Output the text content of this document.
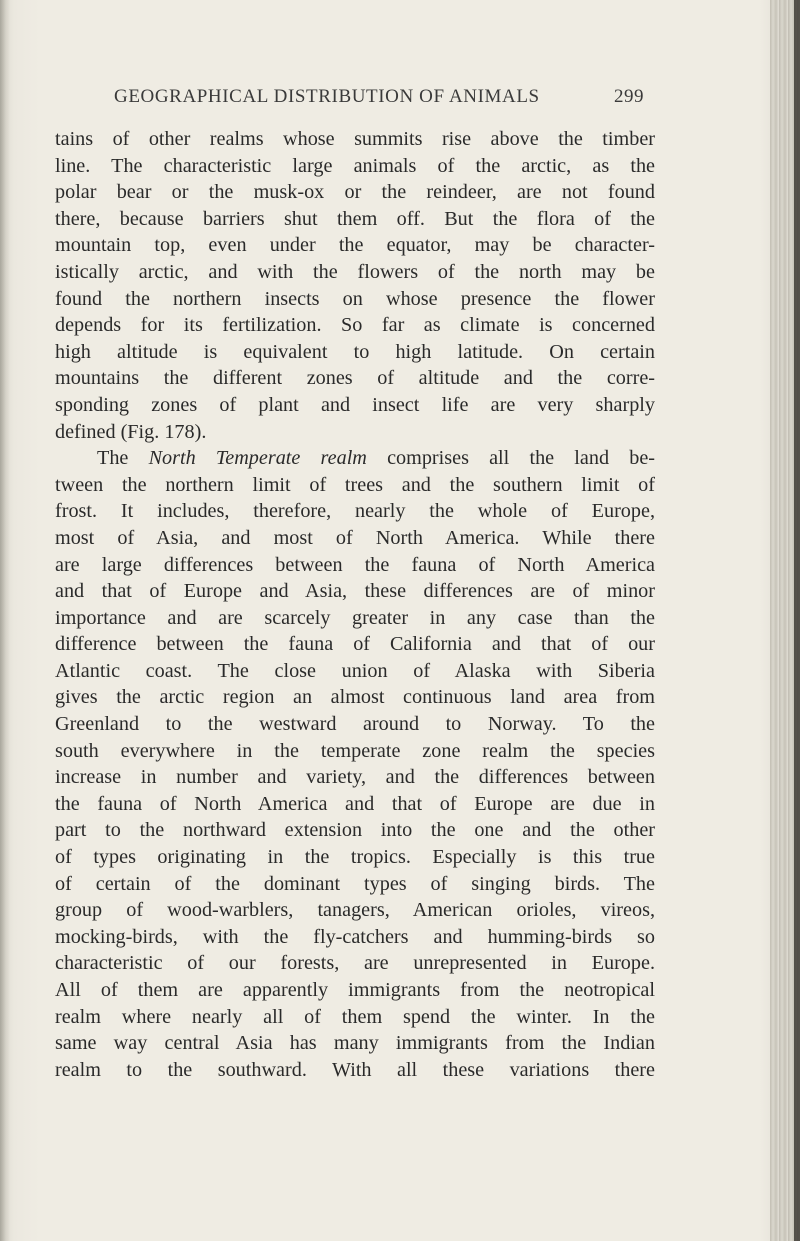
GEOGRAPHICAL DISTRIBUTION OF ANIMALS	299
tains of other realms whose summits rise above the timber
line. The characteristic large animals of the arctic, as the
polar bear or the musk-ox or the reindeer, are not found
there, because barriers shut them off. But the flora of the
mountain top, even under the equator, may be character-
istically arctic, and with the flowers of the north may be
found the northern insects on whose presence the flower
depends for its fertilization. So far as climate is concerned
high altitude is equivalent to high latitude. On certain
mountains the different zones of altitude and the corre-
sponding zones of plant and insect life are very sharply
defined (Fig. 178).
The North Temperate realm comprises all the land be-
tween the northern limit of trees and the southern limit of
frost. It includes, therefore, nearly the whole of Europe,
most of Asia, and most of North America. While there
are large differences between the fauna of North America
and that of Europe and Asia, these differences are of minor
importance and are scarcely greater in any case than the
difference between the fauna of California and that of our
Atlantic coast. The close union of Alaska with Siberia
gives the arctic region an almost continuous land area from
Greenland to the westward around to Norway. To the
south everywhere in the temperate zone realm the species
increase in number and variety, and the differences between
the fauna of North America and that of Europe are due in
part to the northward extension into the one and the other
of types originating in the tropics. Especially is this true
of certain of the dominant types of singing birds. The
group of wood-warblers, tanagers, American orioles, vireos,
mocking-birds, with the fly-catchers and humming-birds so
characteristic of our forests, are unrepresented in Europe.
All of them are apparently immigrants from the neotropical
realm where nearly all of them spend the winter. In the
same way central Asia has many immigrants from the Indian
realm to the southward. With all these variations there
